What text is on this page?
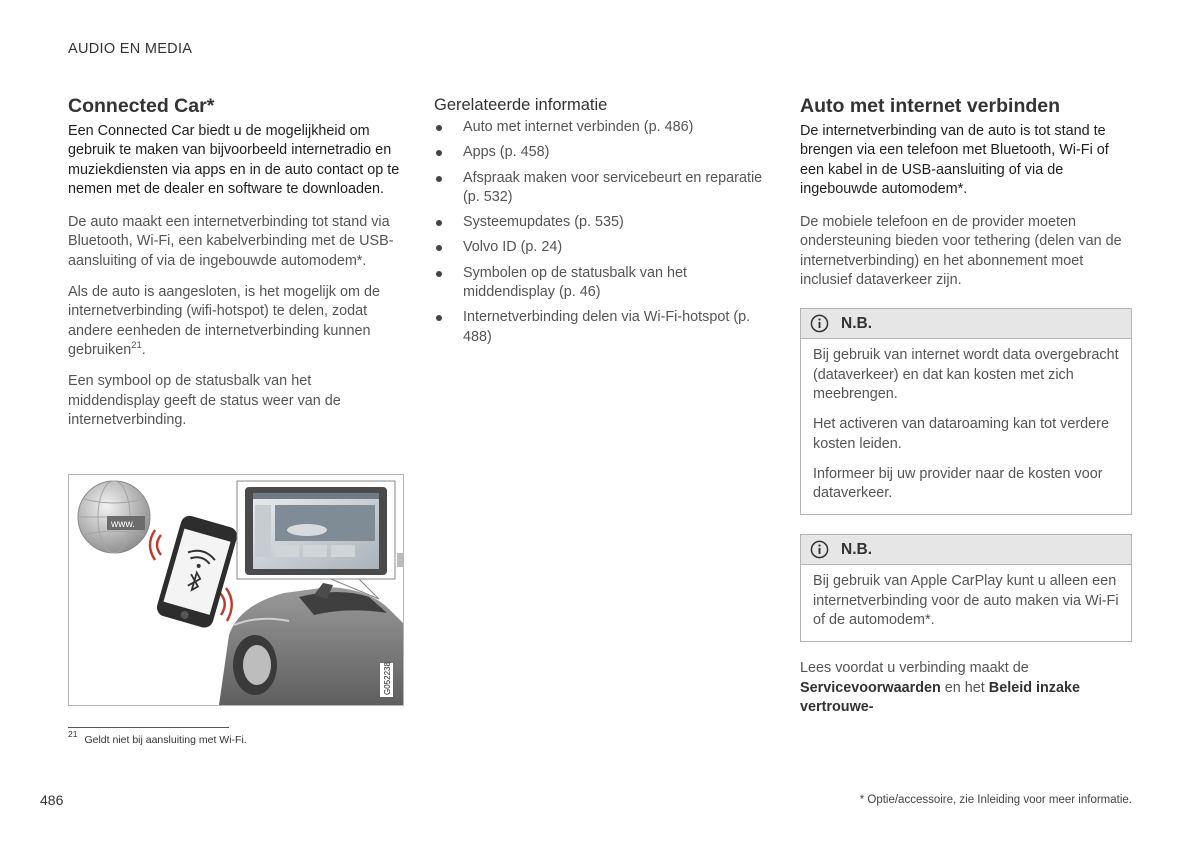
AUDIO EN MEDIA
Connected Car*

Een Connected Car biedt u de mogelijkheid om gebruik te maken van bijvoorbeeld internetradio en muziekdiensten via apps en in de auto contact op te nemen met de dealer en software te downloaden.

De auto maakt een internetverbinding tot stand via Bluetooth, Wi-Fi, een kabelverbinding met de USB-aansluiting of via de ingebouwde automodem*.

Als de auto is aangesloten, is het mogelijk om de internetverbinding (wifi-hotspot) te delen, zodat andere eenheden de internetverbinding kunnen gebruiken$^{21}$.

Een symbool op de statusbalk van het middendisplay geeft de status weer van de internetverbinding.

www.
G052238
Gerelateerde informatie
Auto met internet verbinden (p. 486)
Apps (p. 458)
Afspraak maken voor servicebeurt en reparatie (p. 532)
Systeemupdates (p. 535)
Volvo ID (p. 24)
Symbolen op de statusbalk van het middendisplay (p. 46)
Internetverbinding delen via Wi-Fi-hotspot (p. 488)
Auto met internet verbinden

De internetverbinding van de auto is tot stand te brengen via een telefoon met Bluetooth, Wi-Fi of een kabel in de USB-aansluiting of via de ingebouwde automodem*.

De mobiele telefoon en de provider moeten ondersteuning bieden voor tethering (delen van de internetverbinding) en het abonnement moet inclusief dataverkeer zijn.

N.B.

Bij gebruik van internet wordt data overgebracht (dataverkeer) en dat kan kosten met zich meebrengen.

Het activeren van dataroaming kan tot verdere kosten leiden.

Informeer bij uw provider naar de kosten voor dataverkeer.

N.B.

Bij gebruik van Apple CarPlay kunt u alleen een internetverbinding voor de auto maken via Wi-Fi of de automodem*.

Lees voordat u verbinding maakt de Servicevoorwaarden en het Beleid inzake vertrouwe-

$^{21}$ Geldt niet bij aansluiting met Wi-Fi.
486	* Optie/accessoire, zie Inleiding voor meer informatie.
